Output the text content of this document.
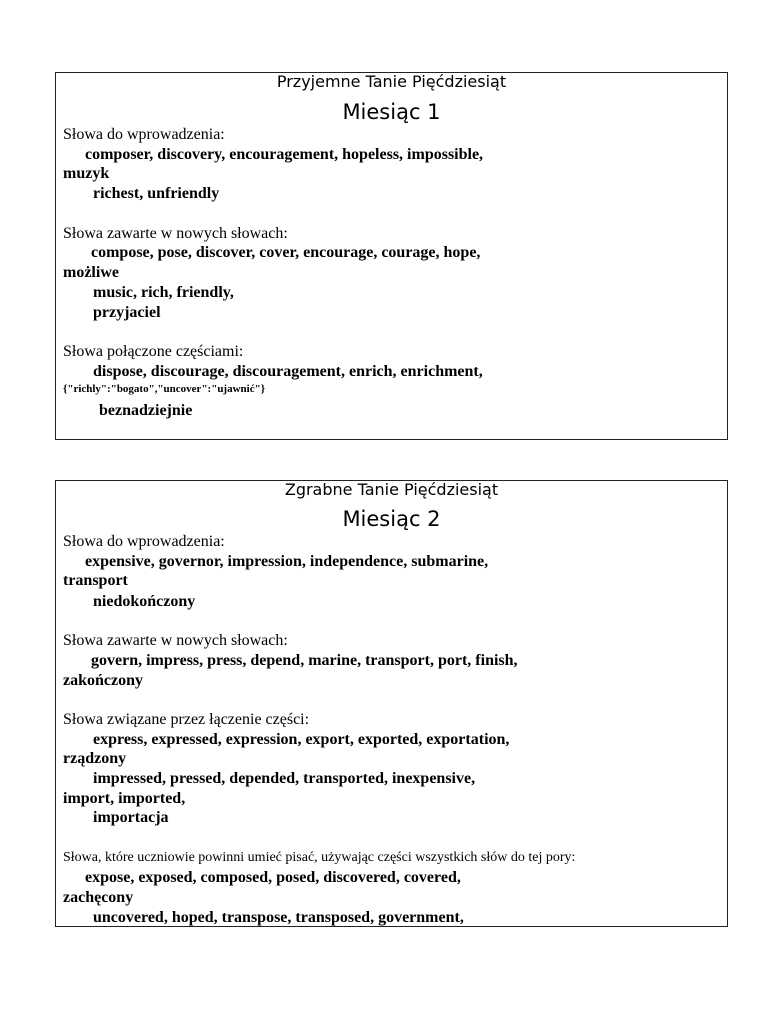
Przyjemne Tanie Pięćdziesiąt
Miesiąc 1
Słowa do wprowadzenia:
composer, discovery, encouragement, hopeless, impossible,
muzyk
richest, unfriendly
Słowa zawarte w nowych słowach:
compose, pose, discover, cover, encourage, courage, hope,
możliwe
music, rich, friendly,
przyjaciel
Słowa połączone częściami:
dispose, discourage, discouragement, enrich, enrichment,
{"richly":"bogato","uncover":"ujawnić"}
beznadziejnie
Zgrabne Tanie Pięćdziesiąt
Miesiąc 2
Słowa do wprowadzenia:
expensive, governor, impression, independence, submarine,
transport
niedokończony
Słowa zawarte w nowych słowach:
govern, impress, press, depend, marine, transport, port, finish,
zakończony
Słowa związane przez łączenie części:
express, expressed, expression, export, exported, exportation,
rządzony
impressed, pressed, depended, transported, inexpensive,
import, imported,
importacja
Słowa, które uczniowie powinni umieć pisać, używając części wszystkich słów do tej pory:
expose, exposed, composed, posed, discovered, covered,
zachęcony
uncovered, hoped, transpose, transposed, government,
